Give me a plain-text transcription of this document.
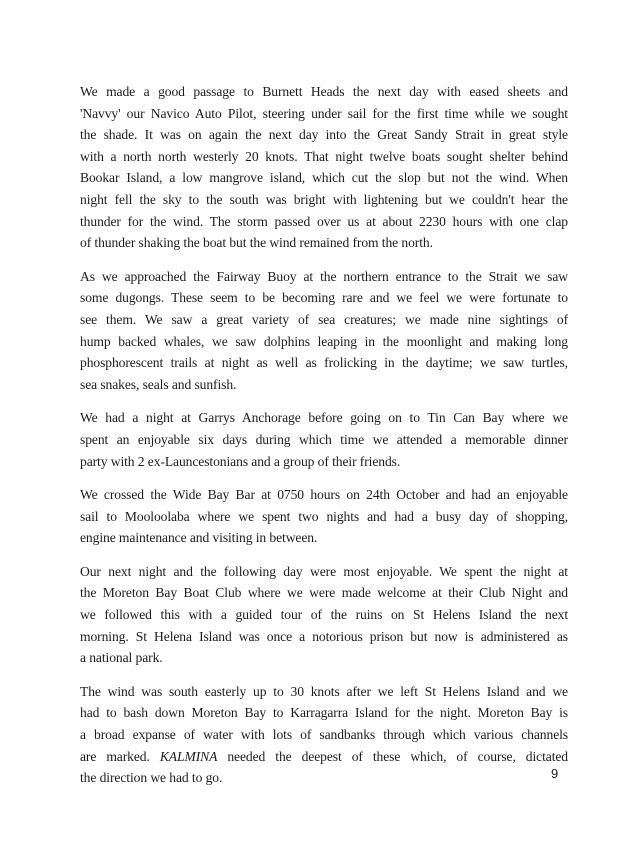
We made a good passage to Burnett Heads the next day with eased sheets and
'Navvy' our Navico Auto Pilot, steering under sail for the first time while we sought
the shade. It was on again the next day into the Great Sandy Strait in great style
with a north north westerly 20 knots. That night twelve boats sought shelter behind
Bookar Island, a low mangrove island, which cut the slop but not the wind. When
night fell the sky to the south was bright with lightening but we couldn't hear the
thunder for the wind. The storm passed over us at about 2230 hours with one clap
of thunder shaking the boat but the wind remained from the north.

As we approached the Fairway Buoy at the northern entrance to the Strait we saw
some dugongs. These seem to be becoming rare and we feel we were fortunate to
see them. We saw a great variety of sea creatures; we made nine sightings of
hump backed whales, we saw dolphins leaping in the moonlight and making long
phosphorescent trails at night as well as frolicking in the daytime; we saw turtles,
sea snakes, seals and sunfish.

We had a night at Garrys Anchorage before going on to Tin Can Bay where we
spent an enjoyable six days during which time we attended a memorable dinner
party with 2 ex-Launcestonians and a group of their friends.

We crossed the Wide Bay Bar at 0750 hours on 24th October and had an enjoyable
sail to Mooloolaba where we spent two nights and had a busy day of shopping,
engine maintenance and visiting in between.

Our next night and the following day were most enjoyable. We spent the night at
the Moreton Bay Boat Club where we were made welcome at their Club Night and
we followed this with a guided tour of the ruins on St Helens Island the next
morning. St Helena Island was once a notorious prison but now is administered as
a national park.

The wind was south easterly up to 30 knots after we left St Helens Island and we
had to bash down Moreton Bay to Karragarra Island for the night. Moreton Bay is
a broad expanse of water with lots of sandbanks through which various channels
are marked. KALMINA needed the deepest of these which, of course, dictated
the direction we had to go.	9
